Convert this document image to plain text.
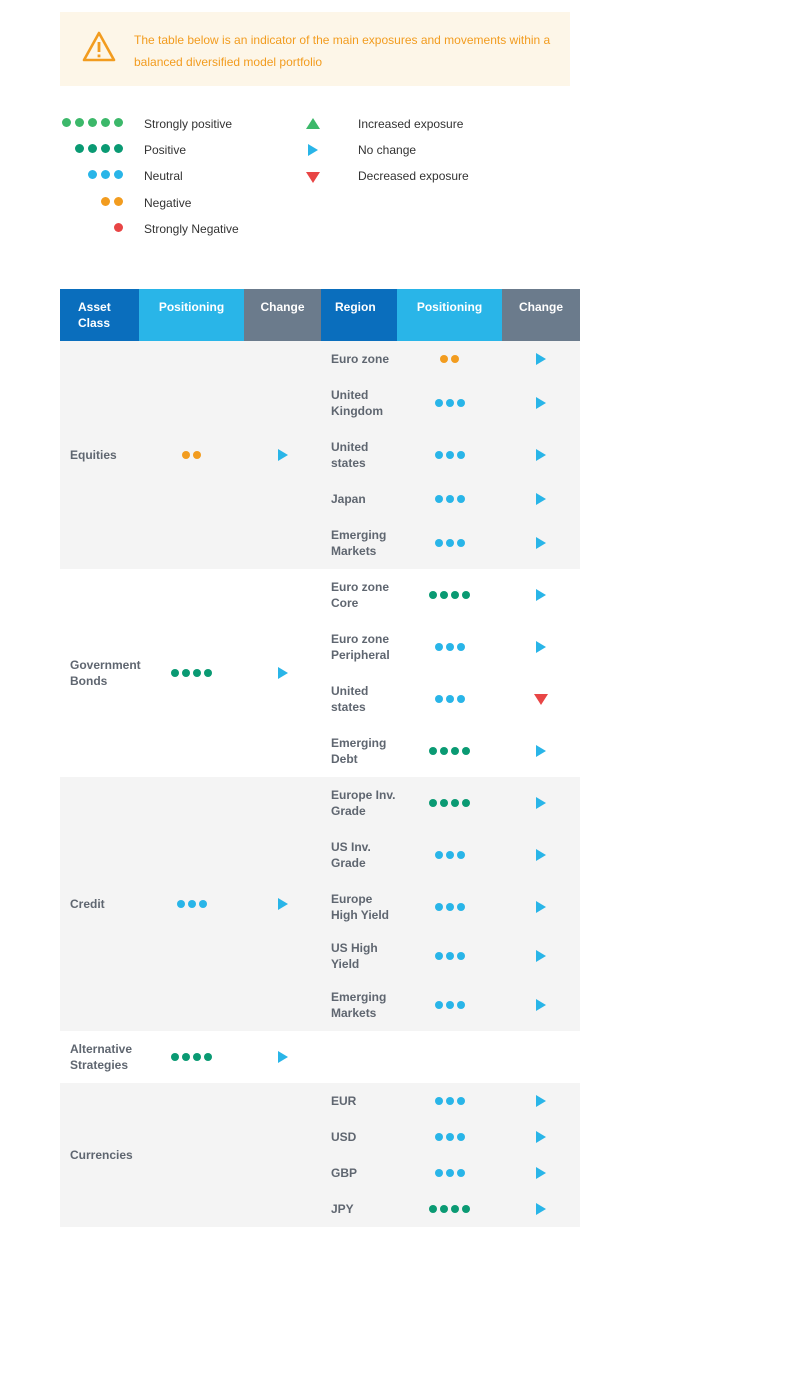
The table below is an indicator of the main exposures and movements within a balanced diversified model portfolio
Strongly positive
Positive
Neutral
Negative
Strongly Negative
Increased exposure
No change
Decreased exposure
Asset Class	Positioning	Change	Region	Positioning	Change
Equities			Euro zone	

			United Kingdom	

			United states	

			Japan	

			Emerging Markets	

Government Bonds			Euro zone Core	

			Euro zone Peripheral	

			United states	

			Emerging Debt	

Credit			Europe Inv. Grade	

			US Inv. Grade	

			Europe High Yield	

			US High Yield	

			Emerging Markets	

Alternative Strategies	

Currencies			EUR	

			USD	

			GBP	

			JPY	
